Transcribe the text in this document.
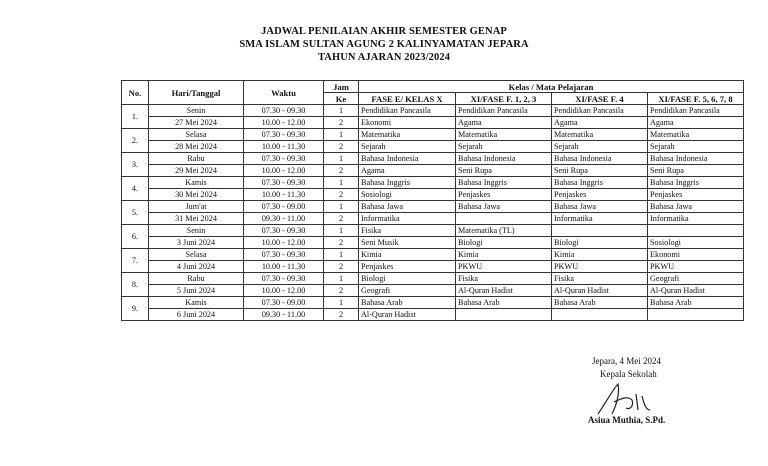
JADWAL PENILAIAN AKHIR SEMESTER GENAP
SMA ISLAM SULTAN AGUNG 2 KALINYAMATAN JEPARA
TAHUN AJARAN 2023/2024
No.	Hari/Tanggal	Waktu	Jam	Kelas / Mata Pelajaran			
			Ke	FASE E/ KELAS X	XI/FASE F. 1, 2, 3	XI/FASE F. 4	XI/FASE F. 5, 6, 7, 8
1.	Senin	07.30 - 09.30	1	Pendidikan Pancasila	Pendidikan Pancasila	Pendidikan Pancasila	Pendidikan Pancasila
	27 Mei 2024	10.00 - 12.00	2	Ekonomi	Agama	Agama	Agama
2.	Selasa	07.30 - 09.30	1	Matematika	Matematika	Matematika	Matematika
	28 Mei 2024	10.00 - 11.30	2	Sejarah	Sejarah	Sejarah	Sejarah
3.	Rabu	07.30 - 09.30	1	Bahasa Indonesia	Bahasa Indonesia	Bahasa Indonesia	Bahasa Indonesia
	29 Mei 2024	10.00 - 12.00	2	Agama	Seni Rupa	Seni Rupa	Seni Rupa
4.	Kamis	07.30 - 09.30	1	Bahasa Inggris	Bahasa Inggris	Bahasa Inggris	Bahasa Inggris
	30 Mei 2024	10.00 - 11.30	2	Sosiologi	Penjaskes	Penjaskes	Penjaskes
5.	Jum'at	07.30 - 09.00	1	Bahasa Jawa	Bahasa Jawa	Bahasa Jawa	Bahasa Jawa
	31 Mei 2024	09.30 - 11.00	2	Informatika		Informatika	Informatika
6.	Senin	07.30 - 09.30	1	Fisika	Matematika (TL)		
	3 Juni 2024	10.00 - 12.00	2	Seni Musik	Biologi	Biologi	Sosiologi
7.	Selasa	07.30 - 09.30	1	Kimia	Kimia	Kimia	Ekonomi
	4 Juni 2024	10.00 - 11.30	2	Penjaskes	PKWU	PKWU	PKWU
8.	Rabu	07.30 - 09.30	1	Biologi	Fisika	Fisika	Geografi
	5 Juni 2024	10.00 - 12.00	2	Geografi	Al-Quran Hadist	Al-Quran Hadist	Al-Quran Hadist
9.	Kamis	07.30 - 09.00	1	Bahasa Arab	Bahasa Arab	Bahasa Arab	Bahasa Arab
	6 Juni 2024	09.30 - 11.00	2	Al-Quran Hadist			
Jepara, 4 Mei 2024
Kepala Sekolah
Asiua Muthia, S.Pd.
